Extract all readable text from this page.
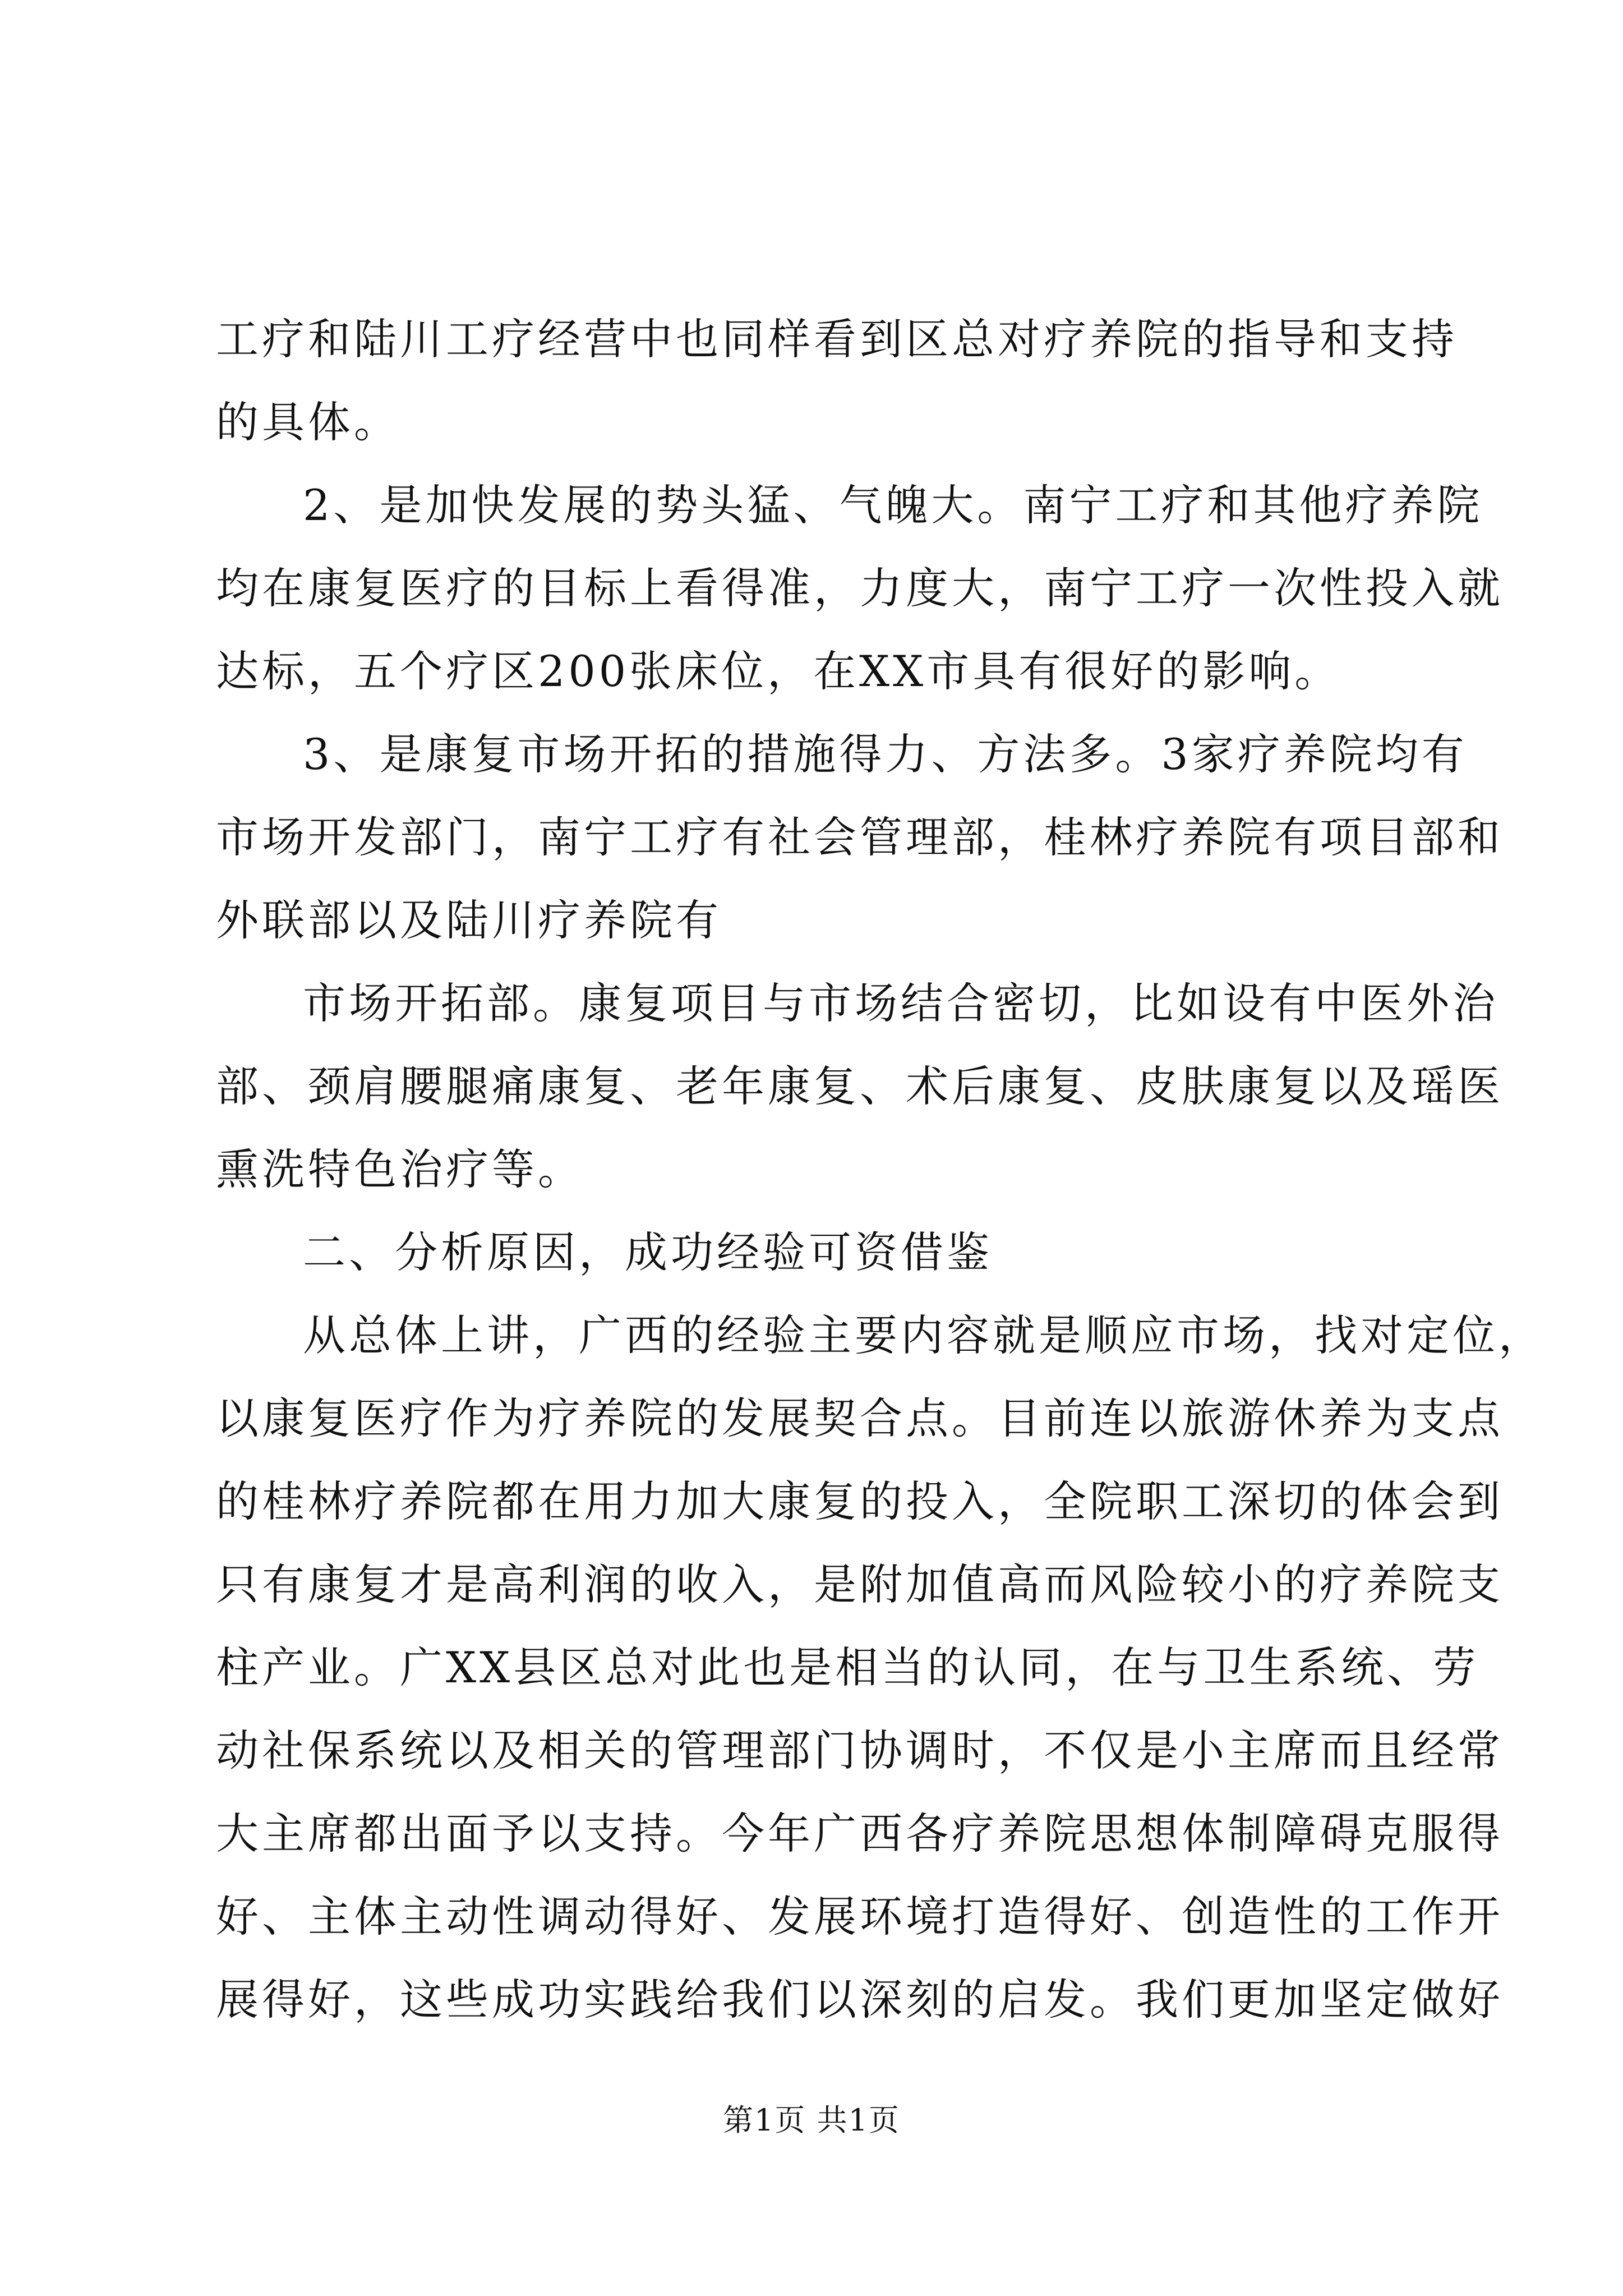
工疗和陆川工疗经营中也同样看到区总对疗养院的指导和支持
的具体。
2、是加快发展的势头猛、气魄大。南宁工疗和其他疗养院
均在康复医疗的目标上看得准，力度大，南宁工疗一次性投入就
达标，五个疗区200张床位，在XX市具有很好的影响。
3、是康复市场开拓的措施得力、方法多。3家疗养院均有
市场开发部门，南宁工疗有社会管理部，桂林疗养院有项目部和
外联部以及陆川疗养院有
市场开拓部。康复项目与市场结合密切，比如设有中医外治
部、颈肩腰腿痛康复、老年康复、术后康复、皮肤康复以及瑶医
熏洗特色治疗等。
二、分析原因，成功经验可资借鉴
从总体上讲，广西的经验主要内容就是顺应市场，找对定位，
以康复医疗作为疗养院的发展契合点。目前连以旅游休养为支点
的桂林疗养院都在用力加大康复的投入，全院职工深切的体会到
只有康复才是高利润的收入，是附加值高而风险较小的疗养院支
柱产业。广XX县区总对此也是相当的认同，在与卫生系统、劳
动社保系统以及相关的管理部门协调时，不仅是小主席而且经常
大主席都出面予以支持。今年广西各疗养院思想体制障碍克服得
好、主体主动性调动得好、发展环境打造得好、创造性的工作开
展得好，这些成功实践给我们以深刻的启发。我们更加坚定做好
第1页 共1页
